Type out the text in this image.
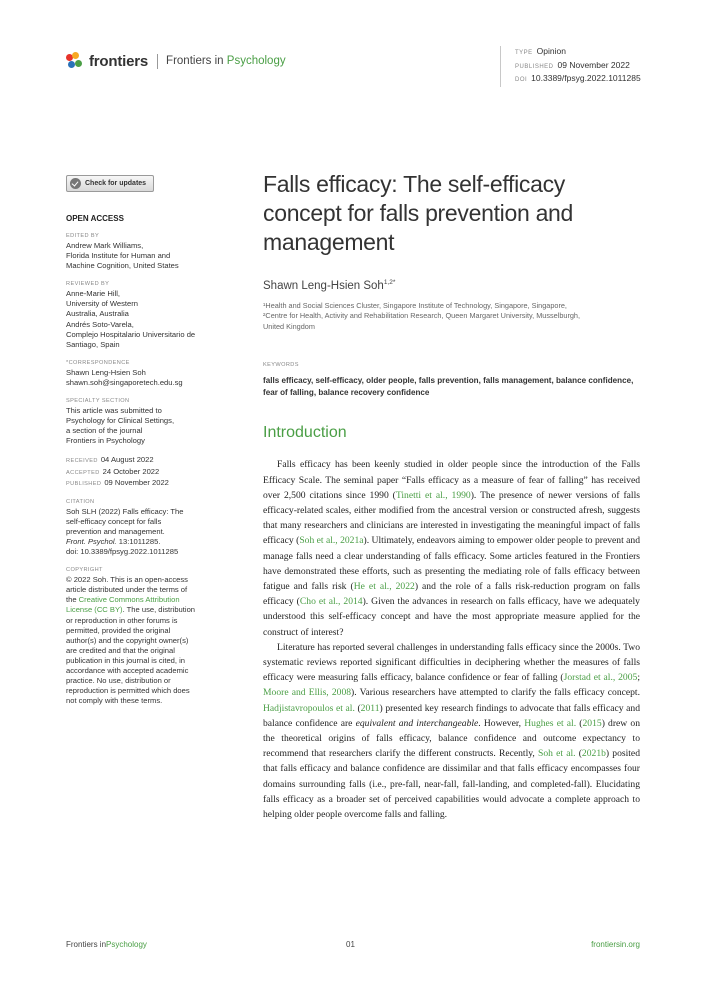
frontiers Frontiers in Psychology
TYPE Opinion
PUBLISHED 09 November 2022
DOI 10.3389/fpsyg.2022.1011285
Check for updates
OPEN ACCESS
EDITED BY
Andrew Mark Williams,
Florida Institute for Human and
Machine Cognition, United States
REVIEWED BY
Anne-Marie Hill,
University of Western
Australia, Australia
Andrés Soto-Varela,
Complejo Hospitalario Universitario de
Santiago, Spain
*CORRESPONDENCE
Shawn Leng-Hsien Soh
shawn.soh@singaporetech.edu.sg
SPECIALTY SECTION
This article was submitted to
Psychology for Clinical Settings,
a section of the journal
Frontiers in Psychology
RECEIVED 04 August 2022
ACCEPTED 24 October 2022
PUBLISHED 09 November 2022
CITATION
Soh SLH (2022) Falls efficacy: The
self-efficacy concept for falls
prevention and management.
Front. Psychol. 13:1011285.
doi: 10.3389/fpsyg.2022.1011285
COPYRIGHT
© 2022 Soh. This is an open-access
article distributed under the terms of
the Creative Commons Attribution
License (CC BY). The use, distribution
or reproduction in other forums is
permitted, provided the original
author(s) and the copyright owner(s)
are credited and that the original
publication in this journal is cited, in
accordance with accepted academic
practice. No use, distribution or
reproduction is permitted which does
not comply with these terms.
Falls efficacy: The self-efficacy
concept for falls prevention and
management
Shawn Leng-Hsien Soh$^{1,2*}$
¹Health and Social Sciences Cluster, Singapore Institute of Technology, Singapore, Singapore,
²Centre for Health, Activity and Rehabilitation Research, Queen Margaret University, Musselburgh,
United Kingdom
KEYWORDS
falls efficacy, self-efficacy, older people, falls prevention, falls management, balance confidence, fear of falling, balance recovery confidence
Introduction

Falls efficacy has been keenly studied in older people since the introduction of the Falls Efficacy Scale. The seminal paper “Falls efficacy as a measure of fear of falling” has received over 2,500 citations since 1990 (Tinetti et al., 1990). The presence of newer versions of falls efficacy-related scales, either modified from the ancestral version or constructed afresh, suggests that many researchers and clinicians are interested in investigating the meaningful impact of falls efficacy (Soh et al., 2021a). Ultimately, endeavors aiming to empower older people to prevent and manage falls need a clear understanding of falls efficacy. Some articles featured in the Frontiers have demonstrated these efforts, such as presenting the mediating role of falls efficacy between fatigue and falls risk (He et al., 2022) and the role of a falls risk-reduction program on falls efficacy (Cho et al., 2014). Given the advances in research on falls efficacy, have we adequately understood this self-efficacy concept and have the most appropriate measure applied for the construct of interest?

Literature has reported several challenges in understanding falls efficacy since the 2000s. Two systematic reviews reported significant difficulties in deciphering whether the measures of falls efficacy were measuring falls efficacy, balance confidence or fear of falling (Jorstad et al., 2005; Moore and Ellis, 2008). Various researchers have attempted to clarify the falls efficacy concept. Hadjistavropoulos et al. (2011) presented key research findings to advocate that falls efficacy and balance confidence are equivalent and interchangeable. However, Hughes et al. (2015) drew on the theoretical origins of falls efficacy, balance confidence and outcome expectancy to recommend that researchers clarify the different constructs. Recently, Soh et al. (2021b) posited that falls efficacy and balance confidence are dissimilar and that falls efficacy encompasses four domains surrounding falls (i.e., pre-fall, near-fall, fall-landing, and completed-fall). Elucidating falls efficacy as a broader set of perceived capabilities would advocate a complete approach to helping older people overcome falls and falling.

Frontiers inPsychology	01	frontiersin.org
